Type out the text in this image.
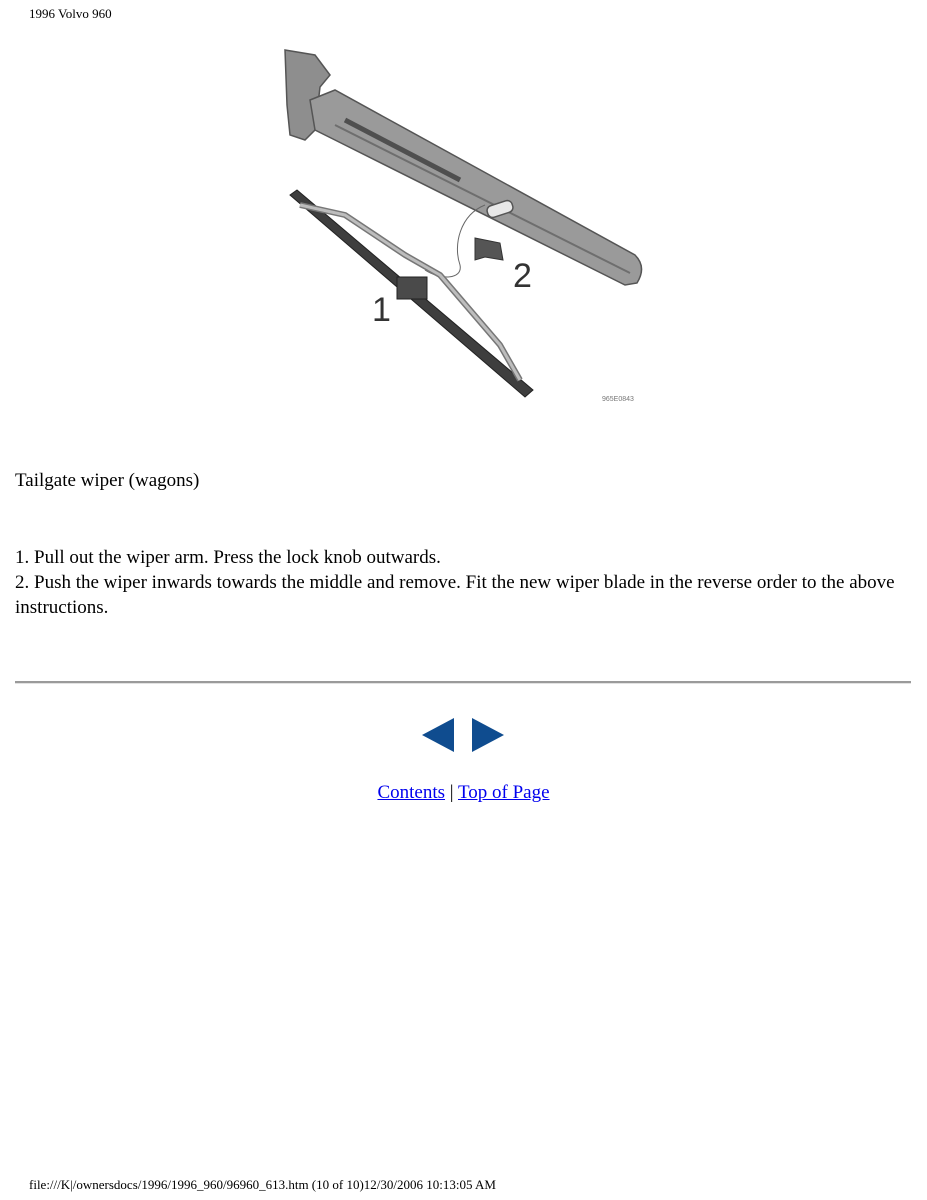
1996 Volvo 960
2
1
965E0843
Tailgate wiper (wagons)

1. Pull out the wiper arm. Press the lock knob outwards.

2. Push the wiper inwards towards the middle and remove. Fit the new wiper blade in the reverse order to the above instructions.

Contents | Top of Page
file:///K|/ownersdocs/1996/1996_960/96960_613.htm (10 of 10)12/30/2006 10:13:05 AM
